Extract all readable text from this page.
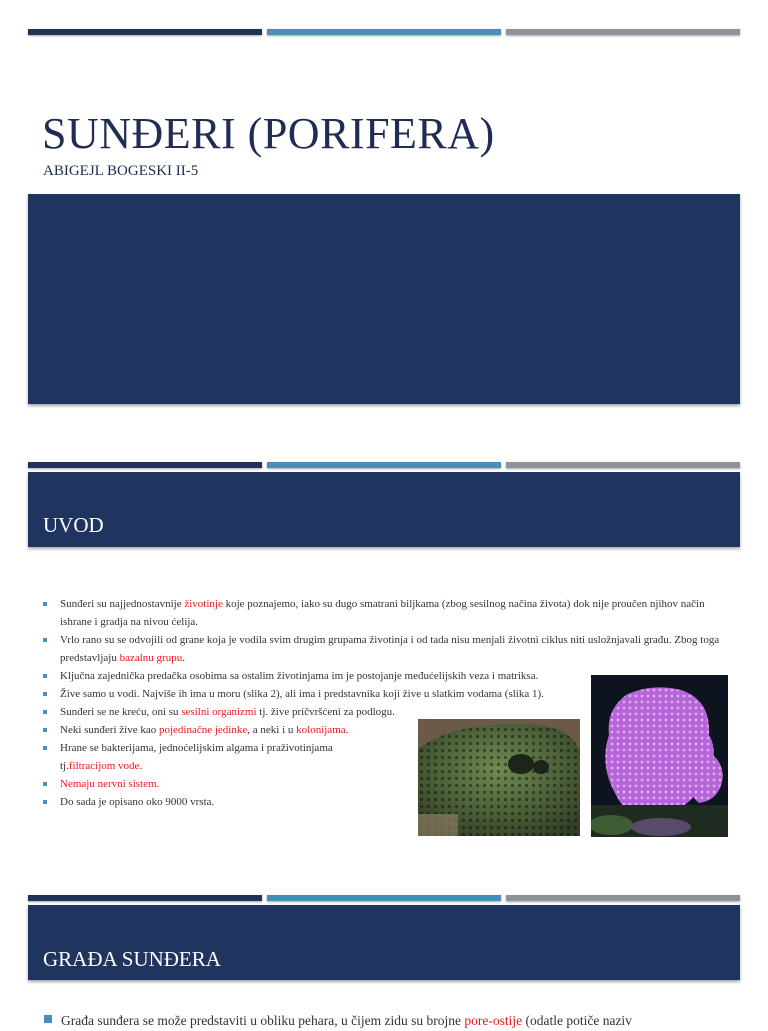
SUNĐERI (PORIFERA)

ABIGEJL BOGESKI II-5

UVOD
Sunđeri su najjednostavnije životinje koje poznajemo, iako su dugo smatrani biljkama (zbog sesilnog načina života) dok nije proučen njihov način ishrane i gradja na nivou ćelija.
Vrlo rano su se odvojili od grane koja je vodila svim drugim grupama životinja i od tada nisu menjali životni ciklus niti usložnjavali građu. Zbog toga predstavljaju bazalnu grupu.
Ključna zajednička predačka osobima sa ostalim životinjama im je postojanje međućelijskih veza i matriksa.
Žive samo u vodi. Najviše ih ima u moru (slika 2), ali ima i predstavnika koji žive u slatkim vodama (slika 1).
Sunđeri se ne kreću, oni su sesilni organizmi tj. žive pričvršćeni za podlogu.
Neki sunđeri žive kao pojedinačne jedinke, a neki i u kolonijama.
Hrane se bakterijama, jednoćelijskim algama i praživotinjama tj.filtracijom vode.
Nemaju nervni sistem.
Do sada je opisano oko 9000 vrsta.
GRAĐA SUNĐERA
Građa sunđera se može predstaviti u obliku pehara, u čijem zidu su brojne pore-ostije (odatle potiče naziv
